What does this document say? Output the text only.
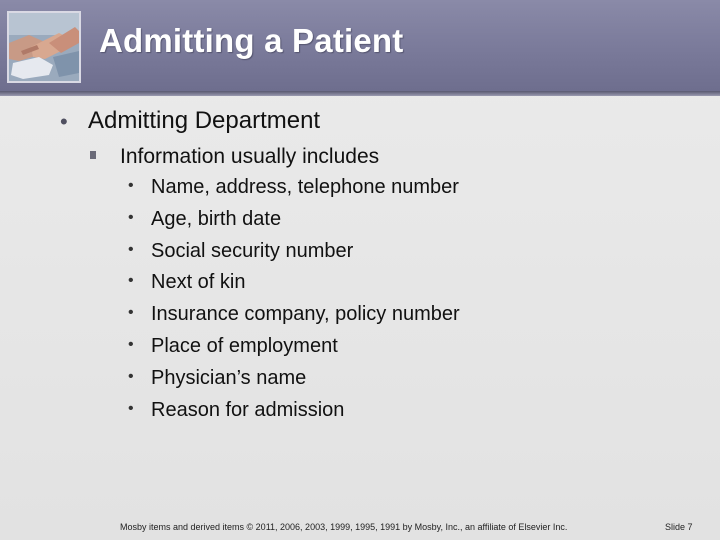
Admitting a Patient
• Admitting Department
Information usually includes
• Name, address, telephone number
• Age, birth date
• Social security number
• Next of kin
• Insurance company, policy number
• Place of employment
• Physician’s name
• Reason for admission
Mosby items and derived items © 2011, 2006, 2003, 1999, 1995, 1991 by Mosby, Inc., an affiliate of Elsevier Inc.	Slide 7
